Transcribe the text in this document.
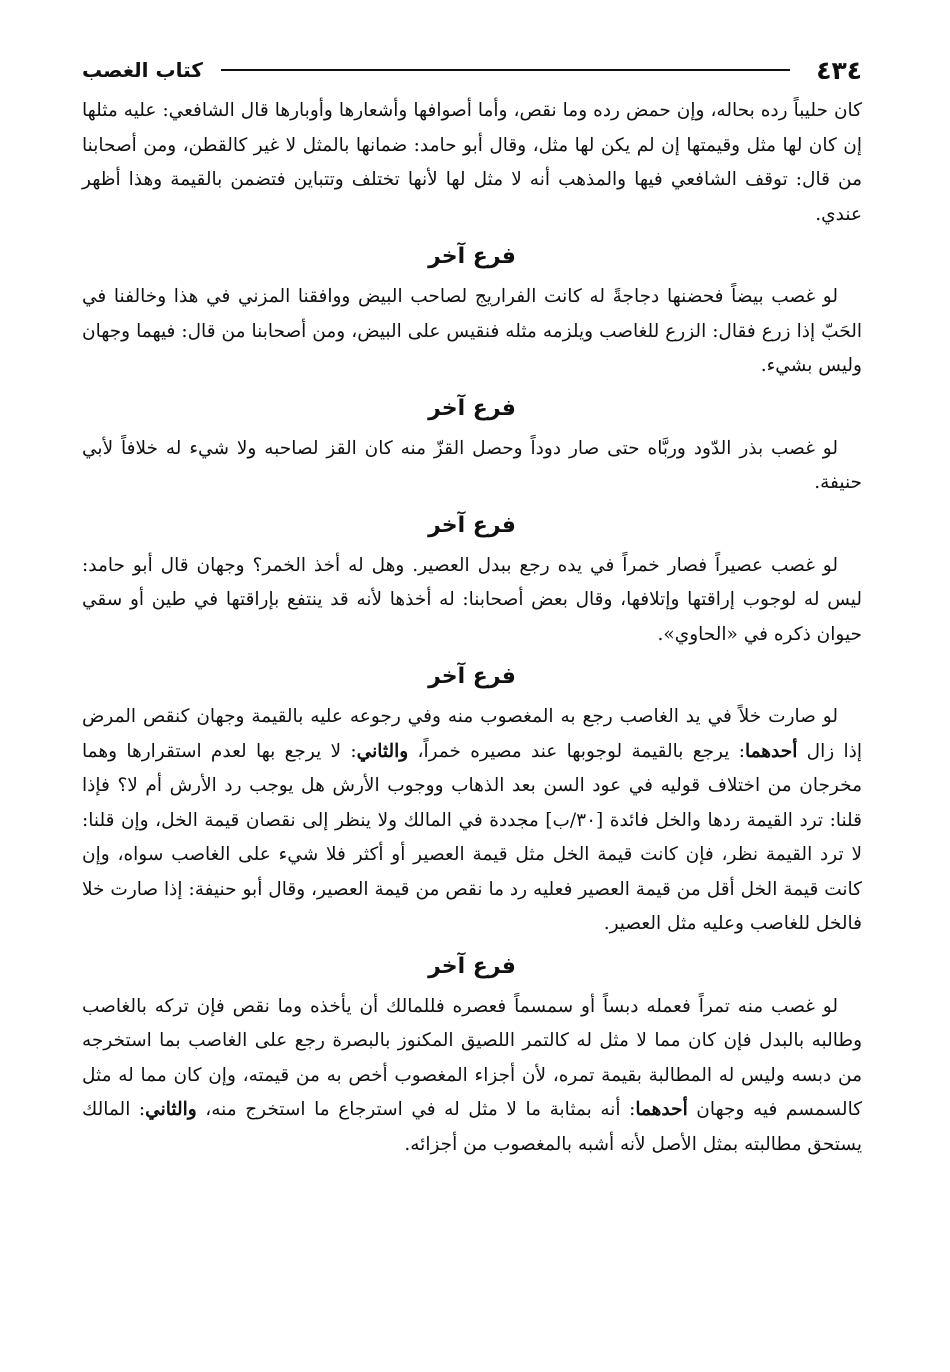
٤٣٤
كتاب الغصب

كان حليباً رده بحاله، وإن حمض رده وما نقص، وأما أصوافها وأشعارها وأوبارها قال الشافعي: عليه مثلها إن كان لها مثل وقيمتها إن لم يكن لها مثل، وقال أبو حامد: ضمانها بالمثل لا غير كالقطن، ومن أصحابنا من قال: توقف الشافعي فيها والمذهب أنه لا مثل لها لأنها تختلف وتتباين فتضمن بالقيمة وهذا أظهر عندي.

فرع آخر

لو غصب بيضاً فحضنها دجاجةً له كانت الفراريج لصاحب البيض ووافقنا المزني في هذا وخالفنا في الحَبّ إذا زرع فقال: الزرع للغاصب ويلزمه مثله فنقيس على البيض، ومن أصحابنا من قال: فيهما وجهان وليس بشيء.

فرع آخر

لو غصب بذر الدّود وربَّاه حتى صار دوداً وحصل القزّ منه كان القز لصاحبه ولا شيء له خلافاً لأبي حنيفة.

فرع آخر

لو غصب عصيراً فصار خمراً في يده رجع ببدل العصير. وهل له أخذ الخمر؟ وجهان قال أبو حامد: ليس له لوجوب إراقتها وإتلافها، وقال بعض أصحابنا: له أخذها لأنه قد ينتفع بإراقتها في طين أو سقي حيوان ذكره في «الحاوي».

فرع آخر

لو صارت خلاً في يد الغاصب رجع به المغصوب منه وفي رجوعه عليه بالقيمة وجهان كنقص المرض إذا زال أحدهما: يرجع بالقيمة لوجوبها عند مصيره خمراً، والثاني: لا يرجع بها لعدم استقرارها وهما مخرجان من اختلاف قوليه في عود السن بعد الذهاب ووجوب الأرش هل يوجب رد الأرش أم لا؟ فإذا قلنا: ترد القيمة ردها والخل فائدة [٣٠/ب] مجددة في المالك ولا ينظر إلى نقصان قيمة الخل، وإن قلنا: لا ترد القيمة نظر، فإن كانت قيمة الخل مثل قيمة العصير أو أكثر فلا شيء على الغاصب سواه، وإن كانت قيمة الخل أقل من قيمة العصير فعليه رد ما نقص من قيمة العصير، وقال أبو حنيفة: إذا صارت خلا فالخل للغاصب وعليه مثل العصير.

فرع آخر

لو غصب منه تمراً فعمله دبساً أو سمسماً فعصره فللمالك أن يأخذه وما نقص فإن تركه بالغاصب وطالبه بالبدل فإن كان مما لا مثل له كالتمر اللصيق المكنوز بالبصرة رجع على الغاصب بما استخرجه من دبسه وليس له المطالبة بقيمة تمره، لأن أجزاء المغصوب أخص به من قيمته، وإن كان مما له مثل كالسمسم فيه وجهان أحدهما: أنه بمثابة ما لا مثل له في استرجاع ما استخرج منه، والثاني: المالك يستحق مطالبته بمثل الأصل لأنه أشبه بالمغصوب من أجزائه.
